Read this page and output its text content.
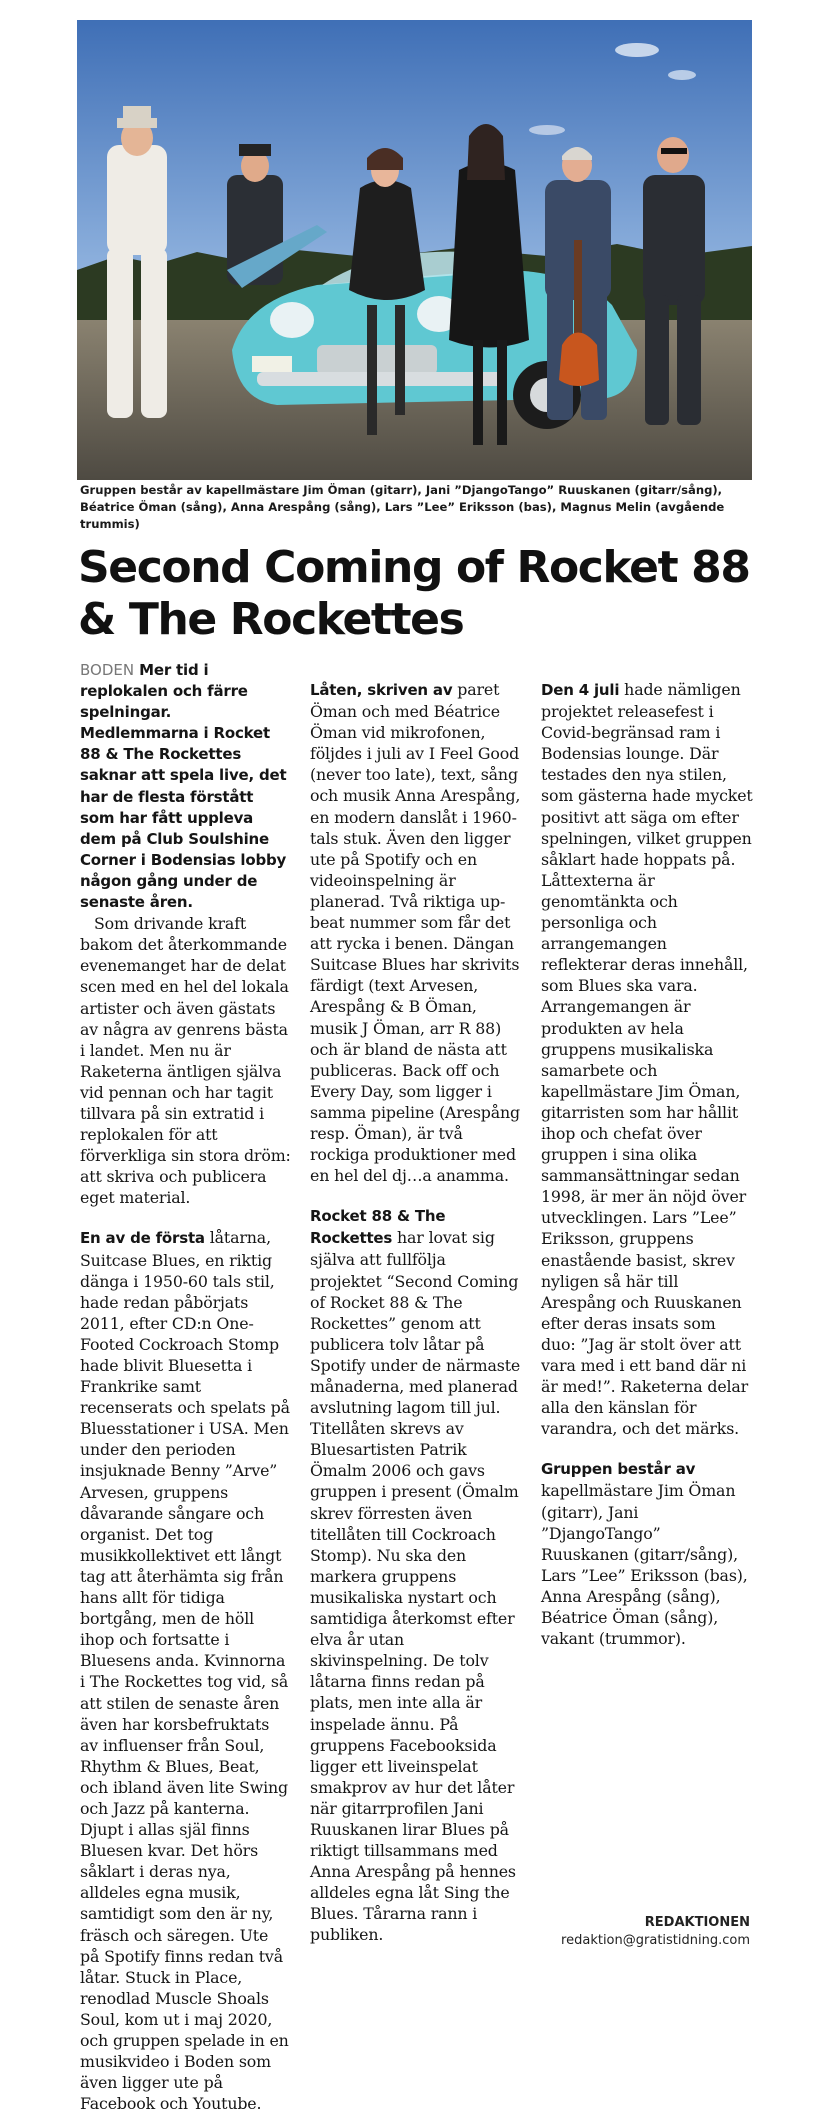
Gruppen består av kapellmästare Jim Öman (gitarr), Jani ”DjangoTango” Ruuskanen (gitarr/sång), Béatrice Öman (sång), Anna Arespång (sång), Lars ”Lee” Eriksson (bas), Magnus Melin (avgående trummis)
Second Coming of Rocket 88 & The Rockettes

BODEN Mer tid i replokalen och färre spelningar. Medlemmarna i Rocket 88 & The Rockettes saknar att spela live, det har de flesta förstått som har fått uppleva dem på Club Soulshine Corner i Bodensias lobby någon gång under de senaste åren.

Som drivande kraft bakom det återkommande evenemanget har de delat scen med en hel del lokala artister och även gästats av några av genrens bästa i landet. Men nu är Raketerna äntligen själva vid pennan och har tagit tillvara på sin extratid i replokalen för att förverkliga sin stora dröm: att skriva och publicera eget material.

En av de första låtarna, Suitcase Blues, en riktig dänga i 1950-60 tals stil, hade redan påbörjats 2011, efter CD:n One-Footed Cockroach Stomp hade blivit Bluesetta i Frankrike samt recenserats och spelats på Bluesstationer i USA. Men under den perioden insjuknade Benny ”Arve” Arvesen, gruppens dåvarande sångare och organist. Det tog musikkollektivet ett långt tag att återhämta sig från hans allt för tidiga bortgång, men de höll ihop och fortsatte i Bluesens anda. Kvinnorna i The Rockettes tog vid, så att stilen de senaste åren även har korsbefruktats av influenser från Soul, Rhythm & Blues, Beat, och ibland även lite Swing och Jazz på kanterna. Djupt i allas själ finns Bluesen kvar. Det hörs såklart i deras nya, alldeles egna musik, samtidigt som den är ny, fräsch och säregen. Ute på Spotify finns redan två låtar. Stuck in Place, renodlad Muscle Shoals Soul, kom ut i maj 2020, och gruppen spelade in en musikvideo i Boden som även ligger ute på Facebook och Youtube.

Låten, skriven av paret Öman och med Béatrice Öman vid mikrofonen, följdes i juli av I Feel Good (never too late), text, sång och musik Anna Arespång, en modern danslåt i 1960-tals stuk. Även den ligger ute på Spotify och en videoinspelning är planerad. Två riktiga up-beat nummer som får det att rycka i benen. Dängan Suitcase Blues har skrivits färdigt (text Arvesen, Arespång & B Öman, musik J Öman, arr R 88) och är bland de nästa att publiceras. Back off och Every Day, som ligger i samma pipeline (Arespång resp. Öman), är två rockiga produktioner med en hel del dj…a anamma.

Rocket 88 & The Rockettes har lovat sig själva att fullfölja projektet “Second Coming of Rocket 88 & The Rockettes” genom att publicera tolv låtar på Spotify under de närmaste månaderna, med planerad avslutning lagom till jul. Titellåten skrevs av Bluesartisten Patrik Ömalm 2006 och gavs gruppen i present (Ömalm skrev förresten även titellåten till Cockroach Stomp). Nu ska den markera gruppens musikaliska nystart och samtidiga återkomst efter elva år utan skivinspelning. De tolv låtarna finns redan på plats, men inte alla är inspelade ännu. På gruppens Facebooksida ligger ett liveinspelat smakprov av hur det låter när gitarrprofilen Jani Ruuskanen lirar Blues på riktigt tillsammans med Anna Arespång på hennes alldeles egna låt Sing the Blues. Tårarna rann i publiken.

Den 4 juli hade nämligen projektet releasefest i Covid-begränsad ram i Bodensias lounge. Där testades den nya stilen, som gästerna hade mycket positivt att säga om efter spelningen, vilket gruppen såklart hade hoppats på. Låttexterna är genomtänkta och personliga och arrangemangen reflekterar deras innehåll, som Blues ska vara. Arrangemangen är produkten av hela gruppens musikaliska samarbete och kapellmästare Jim Öman, gitarristen som har hållit ihop och chefat över gruppen i sina olika sammansättningar sedan 1998, är mer än nöjd över utvecklingen. Lars ”Lee” Eriksson, gruppens enastående basist, skrev nyligen så här till Arespång och Ruuskanen efter deras insats som duo: ”Jag är stolt över att vara med i ett band där ni är med!”. Raketerna delar alla den känslan för varandra, och det märks.

Gruppen består av kapellmästare Jim Öman (gitarr), Jani ”DjangoTango” Ruuskanen (gitarr/sång), Lars ”Lee” Eriksson (bas), Anna Arespång (sång), Béatrice Öman (sång), vakant (trummor).

REDAKTIONEN
redaktion@gratistidning.com
